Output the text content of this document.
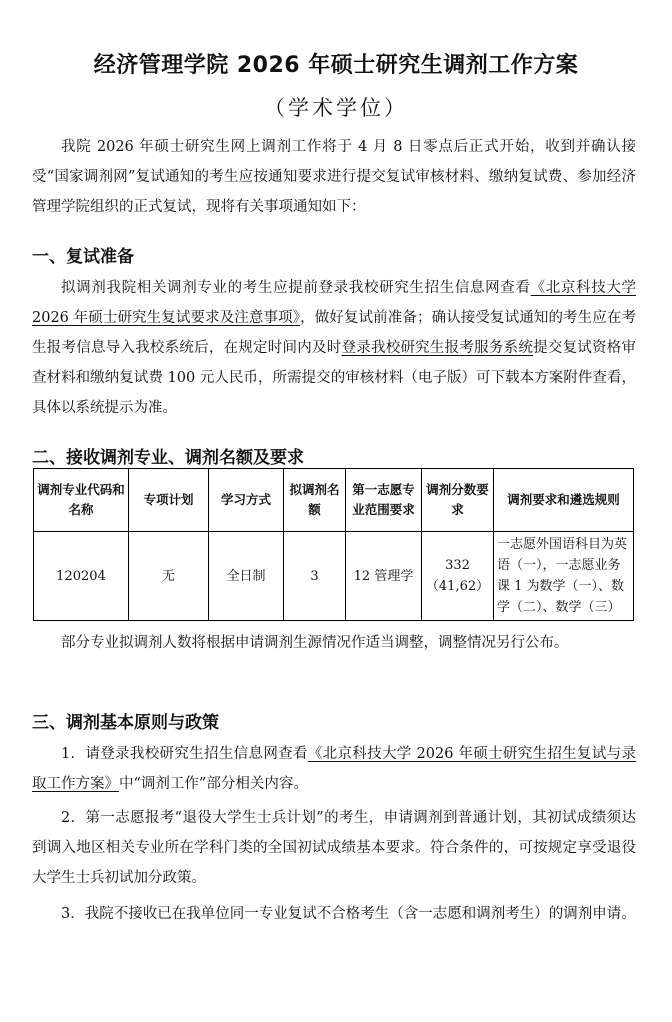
经济管理学院 2026 年硕士研究生调剂工作方案
（学术学位）

我院 2026 年硕士研究生网上调剂工作将于 4 月 8 日零点后正式开始，收到并确认接受“国家调剂网”复试通知的考生应按通知要求进行提交复试审核材料、缴纳复试费、参加经济管理学院组织的正式复试，现将有关事项通知如下：

一、复试准备

拟调剂我院相关调剂专业的考生应提前登录我校研究生招生信息网查看《北京科技大学 2026 年硕士研究生复试要求及注意事项》，做好复试前准备；确认接受复试通知的考生应在考生报考信息导入我校系统后，在规定时间内及时登录我校研究生报考服务系统提交复试资格审查材料和缴纳复试费 100 元人民币，所需提交的审核材料（电子版）可下载本方案附件查看，具体以系统提示为准。

二、接收调剂专业、调剂名额及要求

调剂专业代码和名称	专项计划	学习方式	拟调剂名额	第一志愿专业范围要求	调剂分数要求	调剂要求和遴选规则
120204	无	全日制	3	12 管理学	332（41,62）	一志愿外国语科目为英语（一），一志愿业务课 1 为数学（一）、数学（二）、数学（三）

部分专业拟调剂人数将根据申请调剂生源情况作适当调整，调整情况另行公布。

三、调剂基本原则与政策

1．请登录我校研究生招生信息网查看《北京科技大学 2026 年硕士研究生招生复试与录取工作方案》中“调剂工作”部分相关内容。

2．第一志愿报考“退役大学生士兵计划”的考生，申请调剂到普通计划，其初试成绩须达到调入地区相关专业所在学科门类的全国初试成绩基本要求。符合条件的，可按规定享受退役大学生士兵初试加分政策。

3．我院不接收已在我单位同一专业复试不合格考生（含一志愿和调剂考生）的调剂申请。
